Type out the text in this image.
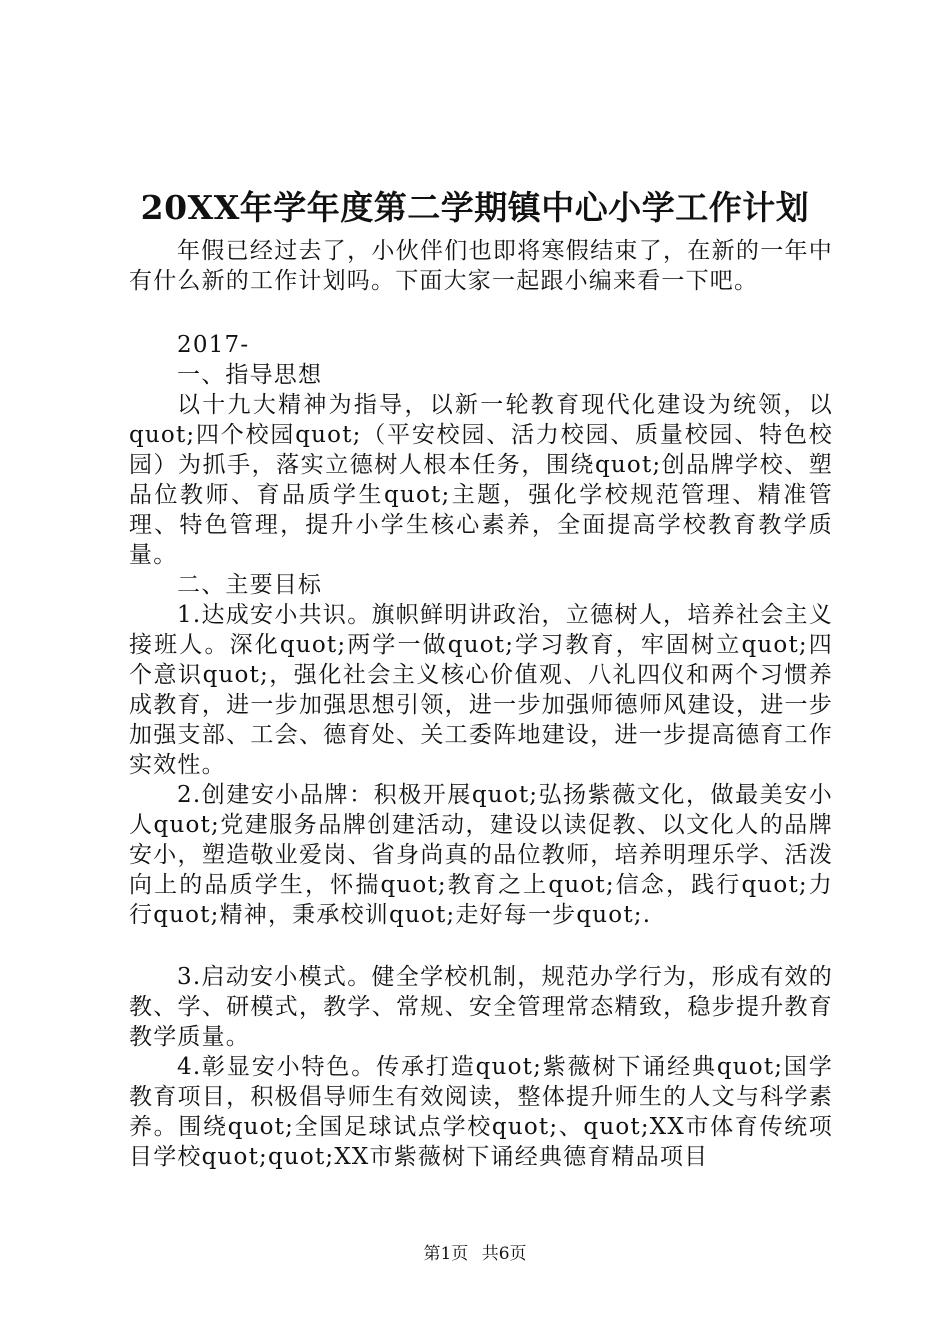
20XX年学年度第二学期镇中心小学工作计划

年假已经过去了，小伙伴们也即将寒假结束了，在新的一年中有什么新的工作计划吗。下面大家一起跟小编来看一下吧。

2017-

一、指导思想

以十九大精神为指导，以新一轮教育现代化建设为统领，以quot;四个校园quot;（平安校园、活力校园、质量校园、特色校园）为抓手，落实立德树人根本任务，围绕quot;创品牌学校、塑品位教师、育品质学生quot;主题，强化学校规范管理、精准管理、特色管理，提升小学生核心素养，全面提高学校教育教学质量。

二、主要目标

1.达成安小共识。旗帜鲜明讲政治，立德树人，培养社会主义接班人。深化quot;两学一做quot;学习教育，牢固树立quot;四个意识quot;，强化社会主义核心价值观、八礼四仪和两个习惯养成教育，进一步加强思想引领，进一步加强师德师风建设，进一步加强支部、工会、德育处、关工委阵地建设，进一步提高德育工作实效性。

2.创建安小品牌：积极开展quot;弘扬紫薇文化，做最美安小人quot;党建服务品牌创建活动，建设以读促教、以文化人的品牌安小，塑造敬业爱岗、省身尚真的品位教师，培养明理乐学、活泼向上的品质学生，怀揣quot;教育之上quot;信念，践行quot;力行quot;精神，秉承校训quot;走好每一步quot;.

3.启动安小模式。健全学校机制，规范办学行为，形成有效的教、学、研模式，教学、常规、安全管理常态精致，稳步提升教育教学质量。

4.彰显安小特色。传承打造quot;紫薇树下诵经典quot;国学教育项目，积极倡导师生有效阅读，整体提升师生的人文与科学素养。围绕quot;全国足球试点学校quot;、quot;XX市体育传统项目学校quot;quot;XX市紫薇树下诵经典德育精品项目

第1页 共6页
